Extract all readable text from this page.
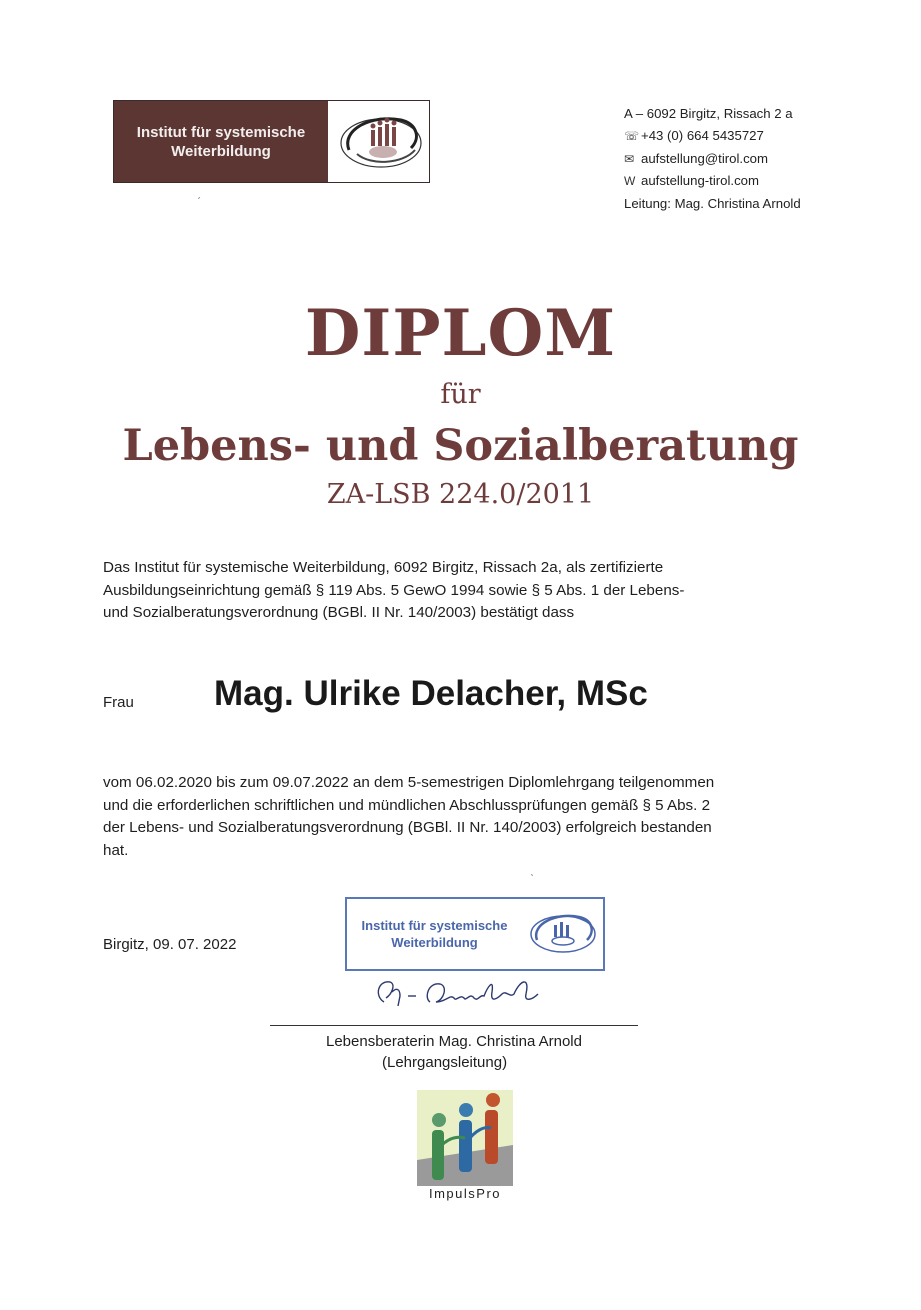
Institut für systemische
Weiterbildung
A – 6092 Birgitz, Rissach 2 a
☏ +43 (0) 664 5435727
✉ aufstellung@tirol.com
W aufstellung-tirol.com
Leitung: Mag. Christina Arnold
ˊ
DIPLOM
für
Lebens- und Sozialberatung
ZA-LSB 224.0/2011
Das Institut für systemische Weiterbildung, 6092 Birgitz, Rissach 2a, als zertifizierte
Ausbildungseinrichtung gemäß § 119 Abs. 5 GewO 1994 sowie § 5 Abs. 1 der Lebens-
und Sozialberatungsverordnung (BGBl. II Nr. 140/2003) bestätigt dass
Frau Mag. Ulrike Delacher, MSc
vom 06.02.2020 bis zum 09.07.2022 an dem 5-semestrigen Diplomlehrgang teilgenommen
und die erforderlichen schriftlichen und mündlichen Abschlussprüfungen gemäß § 5 Abs. 2
der Lebens- und Sozialberatungsverordnung (BGBl. II Nr. 140/2003) erfolgreich bestanden
hat.
Birgitz, 09. 07. 2022
Institut für systemische
Weiterbildung
Lebensberaterin Mag. Christina Arnold
(Lehrgangsleitung)
ImpulsPro
ˋ
